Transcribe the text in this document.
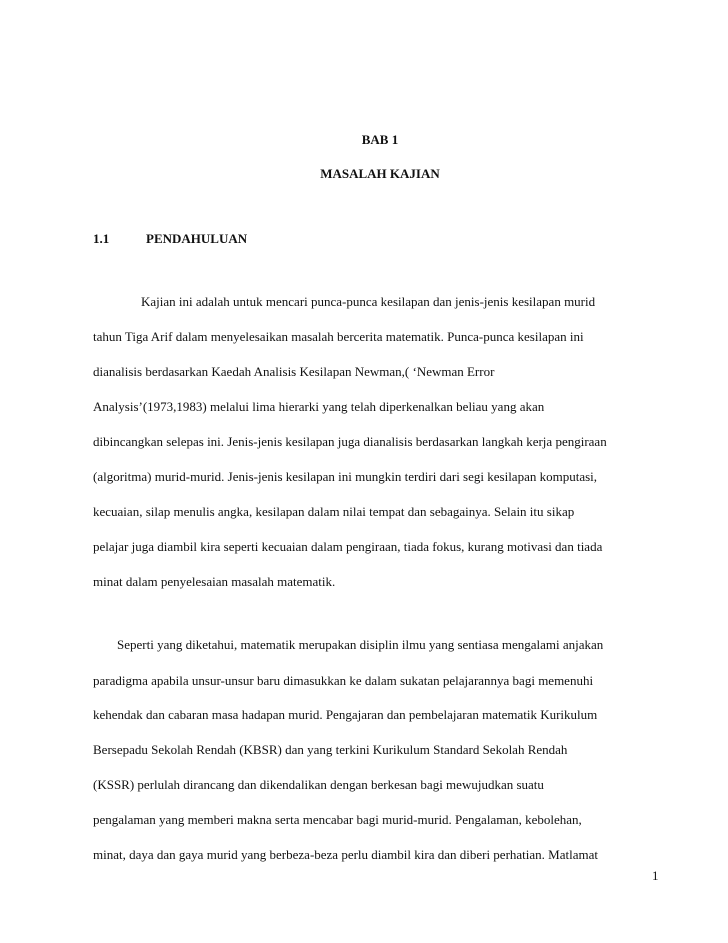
BAB 1
MASALAH KAJIAN
1.1	PENDAHULUAN
Kajian ini adalah untuk mencari punca-punca kesilapan dan jenis-jenis kesilapan murid
tahun Tiga Arif dalam menyelesaikan masalah bercerita matematik. Punca-punca kesilapan ini
dianalisis berdasarkan Kaedah Analisis Kesilapan Newman,( ‘Newman Error
Analysis’(1973,1983) melalui lima hierarki yang telah diperkenalkan beliau yang akan
dibincangkan selepas ini. Jenis-jenis kesilapan juga dianalisis berdasarkan langkah kerja pengiraan
(algoritma) murid-murid. Jenis-jenis kesilapan ini mungkin terdiri dari segi kesilapan komputasi,
kecuaian, silap menulis angka, kesilapan dalam nilai tempat dan sebagainya. Selain itu sikap
pelajar juga diambil kira seperti kecuaian dalam pengiraan, tiada fokus, kurang motivasi dan tiada
minat dalam penyelesaian masalah matematik.
Seperti yang diketahui, matematik merupakan disiplin ilmu yang sentiasa mengalami anjakan
paradigma apabila unsur-unsur baru dimasukkan ke dalam sukatan pelajarannya bagi memenuhi
kehendak dan cabaran masa hadapan murid. Pengajaran dan pembelajaran matematik Kurikulum
Bersepadu Sekolah Rendah (KBSR) dan yang terkini Kurikulum Standard Sekolah Rendah
(KSSR) perlulah dirancang dan dikendalikan dengan berkesan bagi mewujudkan suatu
pengalaman yang memberi makna serta mencabar bagi murid-murid. Pengalaman, kebolehan,
minat, daya dan gaya murid yang berbeza-beza perlu diambil kira dan diberi perhatian. Matlamat
1
